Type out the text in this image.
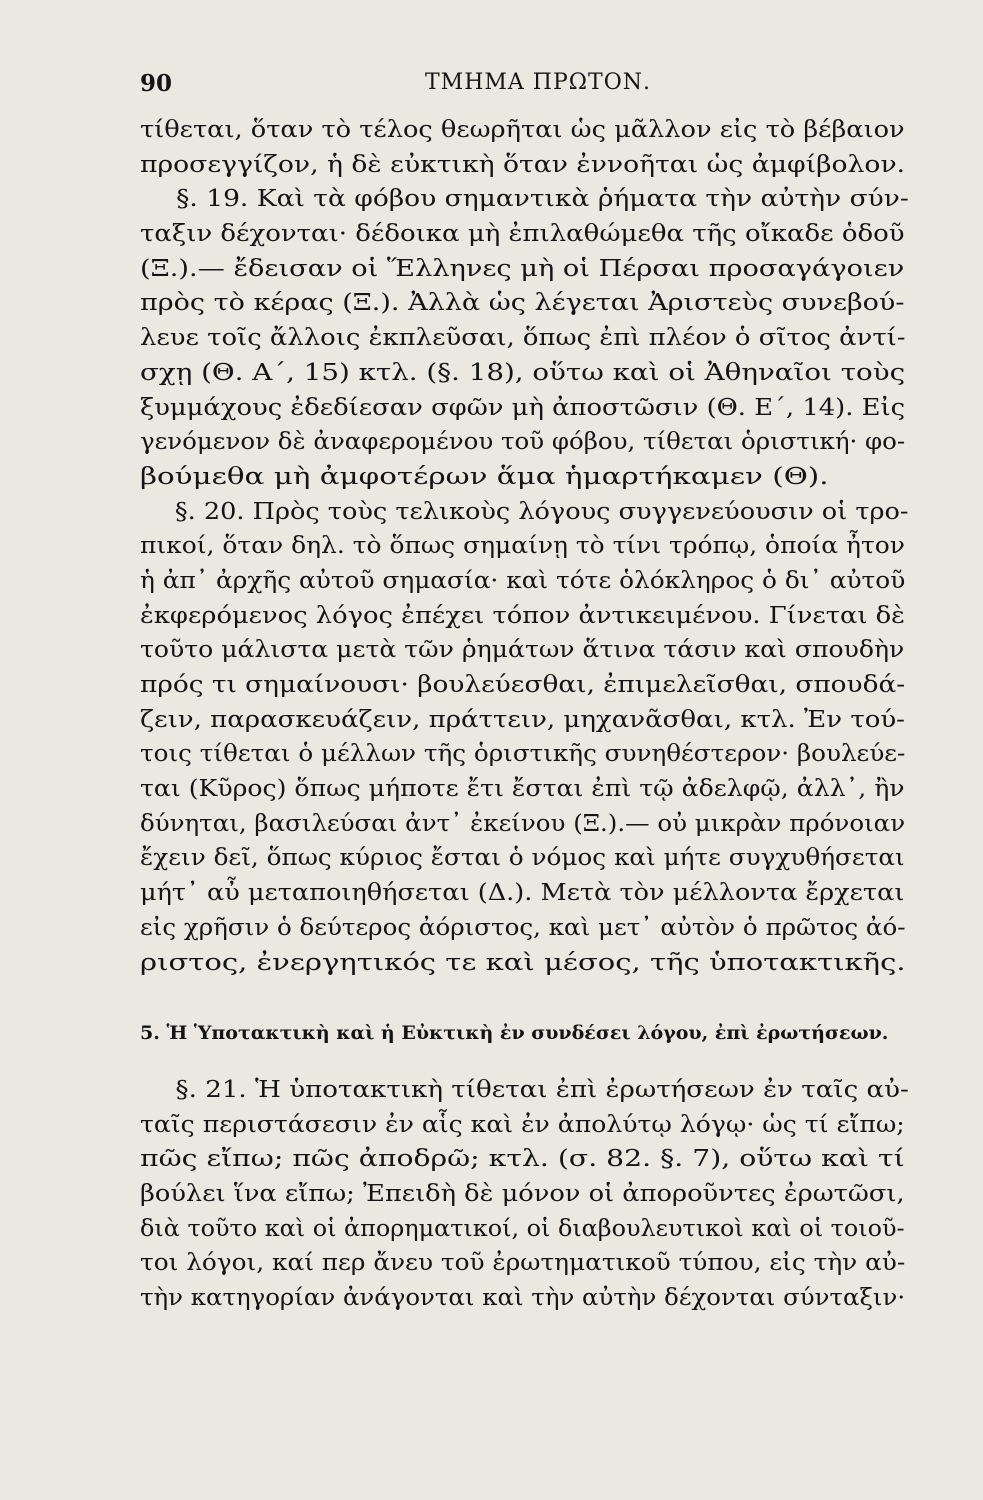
90	ΤΜΗΜΑ ΠΡΩΤΟΝ.
τίθεται, ὅταν τὸ τέλος θεωρῆται ὡς μᾶλλον εἰς τὸ βέβαιον
προσεγγίζον, ἡ δὲ εὐκτικὴ ὅταν ἐννοῆται ὡς ἀμφίβολον.
§. 19. Καὶ τὰ φόβου σημαντικὰ ῥήματα τὴν αὐτὴν σύν-
ταξιν δέχονται· δέδοικα μὴ ἐπιλαθώμεθα τῆς οἴκαδε ὁδοῦ
(Ξ.).— ἔδεισαν οἱ Ἕλληνες μὴ οἱ Πέρσαι προσαγάγοιεν
πρὸς τὸ κέρας (Ξ.). Ἀλλὰ ὡς λέγεται Ἀριστεὺς συνεβού-
λευε τοῖς ἄλλοις ἐκπλεῦσαι, ὅπως ἐπὶ πλέον ὁ σῖτος ἀντί-
σχῃ (Θ. Α΄, 15) κτλ. (§. 18), οὕτω καὶ οἱ Ἀθηναῖοι τοὺς
ξυμμάχους ἐδεδίεσαν σφῶν μὴ ἀποστῶσιν (Θ. Ε΄, 14). Εἰς
γενόμενον δὲ ἀναφερομένου τοῦ φόβου, τίθεται ὁριστική· φο-
βούμεθα μὴ ἀμφοτέρων ἅμα ἡμαρτήκαμεν (Θ).
§. 20. Πρὸς τοὺς τελικοὺς λόγους συγγενεύουσιν οἱ τρο-
πικοί, ὅταν δηλ. τὸ ὅπως σημαίνῃ τὸ τίνι τρόπῳ, ὁποία ἦτον
ἡ ἀπ᾽ ἀρχῆς αὐτοῦ σημασία· καὶ τότε ὁλόκληρος ὁ δι᾽ αὐτοῦ
ἐκφερόμενος λόγος ἐπέχει τόπον ἀντικειμένου. Γίνεται δὲ
τοῦτο μάλιστα μετὰ τῶν ῥημάτων ἅτινα τάσιν καὶ σπουδὴν
πρός τι σημαίνουσι· βουλεύεσθαι, ἐπιμελεῖσθαι, σπουδά-
ζειν, παρασκευάζειν, πράττειν, μηχανᾶσθαι, κτλ. Ἐν τού-
τοις τίθεται ὁ μέλλων τῆς ὁριστικῆς συνηθέστερον· βουλεύε-
ται (Κῦρος) ὅπως μήποτε ἔτι ἔσται ἐπὶ τῷ ἀδελφῷ, ἀλλ᾽, ἢν
δύνηται, βασιλεύσαι ἀντ᾽ ἐκείνου (Ξ.).— οὐ μικρὰν πρόνοιαν
ἔχειν δεῖ, ὅπως κύριος ἔσται ὁ νόμος καὶ μήτε συγχυθήσεται
μήτ᾽ αὖ μεταποιηθήσεται (Δ.). Μετὰ τὸν μέλλοντα ἔρχεται
εἰς χρῆσιν ὁ δεύτερος ἀόριστος, καὶ μετ᾽ αὐτὸν ὁ πρῶτος ἀό-
ριστος, ἐνεργητικός τε καὶ μέσος, τῆς ὑποτακτικῆς.
5. Ἡ Ὑποτακτικὴ καὶ ἡ Εὐκτικὴ ἐν συνδέσει λόγου, ἐπὶ ἐρωτήσεων.
§. 21. Ἡ ὑποτακτικὴ τίθεται ἐπὶ ἐρωτήσεων ἐν ταῖς αὐ-
ταῖς περιστάσεσιν ἐν αἷς καὶ ἐν ἀπολύτῳ λόγῳ· ὡς τί εἴπω;
πῶς εἴπω; πῶς ἀποδρῶ; κτλ. (σ. 82. §. 7), οὕτω καὶ τί
βούλει ἵνα εἴπω; Ἐπειδὴ δὲ μόνον οἱ ἀποροῦντες ἐρωτῶσι,
διὰ τοῦτο καὶ οἱ ἀπορηματικοί, οἱ διαβουλευτικοὶ καὶ οἱ τοιοῦ-
τοι λόγοι, καί περ ἄνευ τοῦ ἐρωτηματικοῦ τύπου, εἰς τὴν αὐ-
τὴν κατηγορίαν ἀνάγονται καὶ τὴν αὐτὴν δέχονται σύνταξιν·
